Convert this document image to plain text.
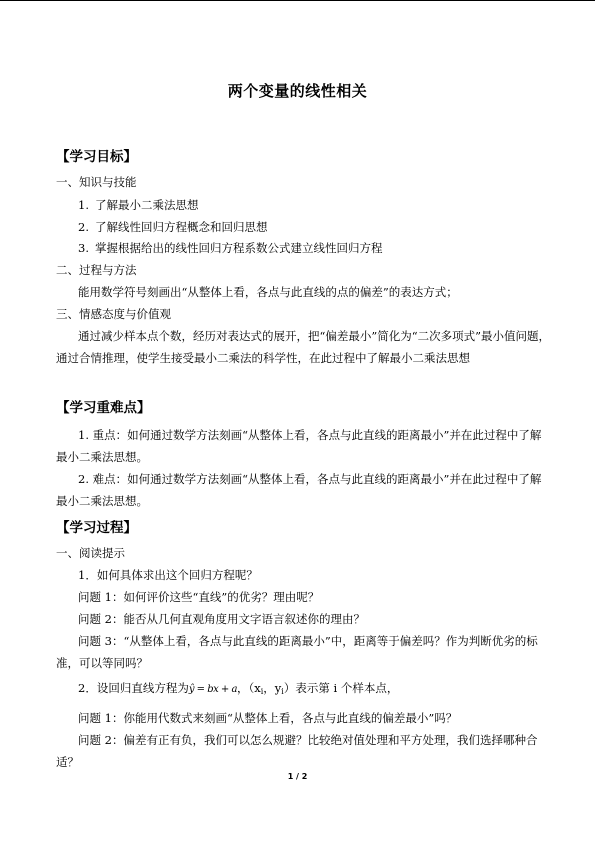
两个变量的线性相关
【学习目标】
一、知识与技能
1. 了解最小二乘法思想
2. 了解线性回归方程概念和回归思想
3. 掌握根据给出的线性回归方程系数公式建立线性回归方程
二、过程与方法
能用数学符号刻画出“从整体上看，各点与此直线的点的偏差”的表达方式；
三、情感态度与价值观
通过减少样本点个数，经历对表达式的展开，把“偏差最小”简化为“二次多项式”最小值问题，通过合情推理，使学生接受最小二乘法的科学性，在此过程中了解最小二乘法思想
【学习重难点】
1. 重点：如何通过数学方法刻画“从整体上看，各点与此直线的距离最小”并在此过程中了解最小二乘法思想。
2. 难点：如何通过数学方法刻画“从整体上看，各点与此直线的距离最小”并在此过程中了解最小二乘法思想。
【学习过程】
一、阅读提示
1．如何具体求出这个回归方程呢？
问题 1：如何评价这些“直线”的优劣？理由呢？
问题 2：能否从几何直观角度用文字语言叙述你的理由？
问题 3：“从整体上看，各点与此直线的距离最小”中，距离等于偏差吗？作为判断优劣的标准，可以等同吗？
2．设回归直线方程为ŷ = bx + a，（$x_i$，$y_i$）表示第 i 个样本点，
问题 1：你能用代数式来刻画“从整体上看，各点与此直线的偏差最小”吗？
问题 2：偏差有正有负，我们可以怎么规避？比较绝对值处理和平方处理，我们选择哪种合适？
1 / 2
